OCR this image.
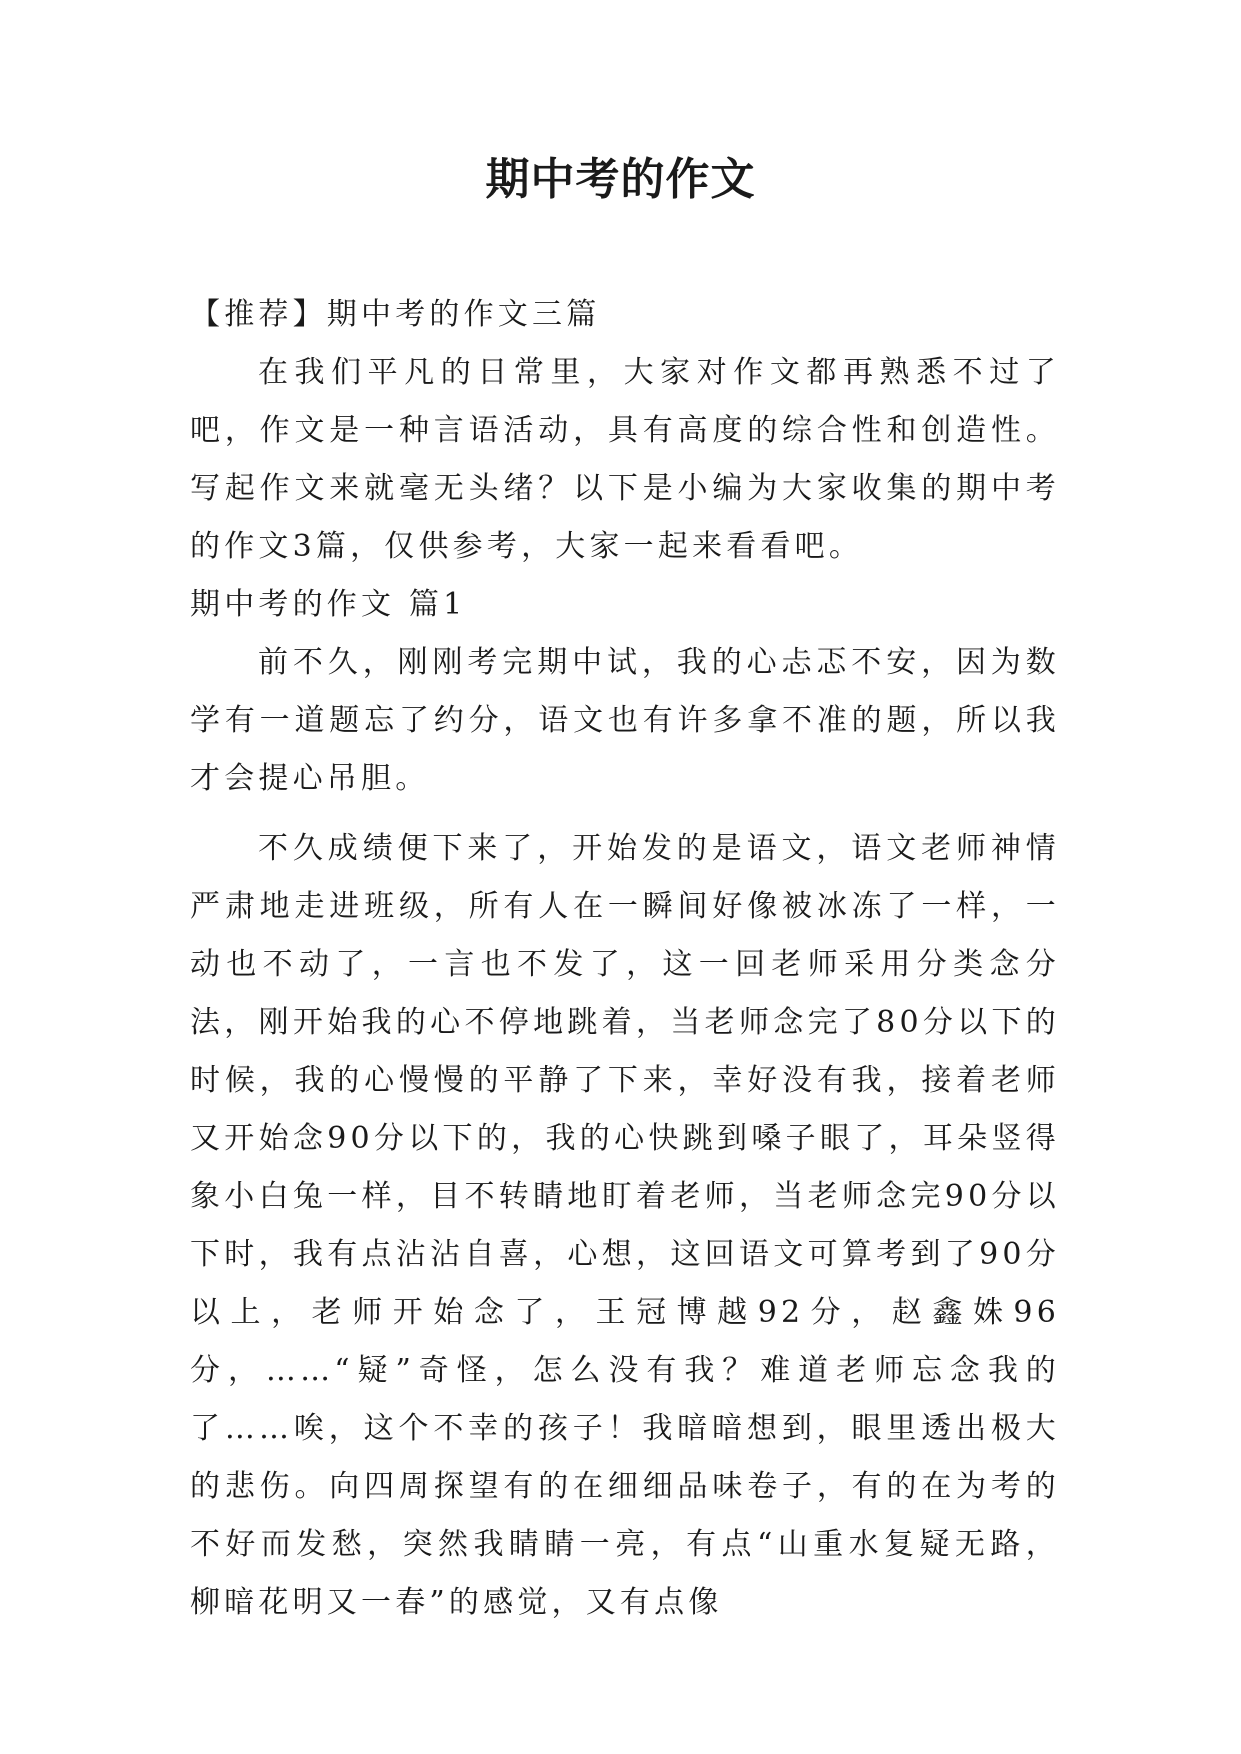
期中考的作文

【推荐】期中考的作文三篇

在我们平凡的日常里，大家对作文都再熟悉不过了吧，作文是一种言语活动，具有高度的综合性和创造性。写起作文来就毫无头绪？以下是小编为大家收集的期中考的作文3篇，仅供参考，大家一起来看看吧。

期中考的作文 篇1

前不久，刚刚考完期中试，我的心忐忑不安，因为数学有一道题忘了约分，语文也有许多拿不准的题，所以我才会提心吊胆。

不久成绩便下来了，开始发的是语文，语文老师神情严肃地走进班级，所有人在一瞬间好像被冰冻了一样，一动也不动了，一言也不发了，这一回老师采用分类念分法，刚开始我的心不停地跳着，当老师念完了80分以下的时候，我的心慢慢的平静了下来，幸好没有我，接着老师又开始念90分以下的，我的心快跳到嗓子眼了，耳朵竖得象小白兔一样，目不转睛地盯着老师，当老师念完90分以下时，我有点沾沾自喜，心想，这回语文可算考到了90分以上，老师开始念了，王冠博越92分，赵鑫姝96分，……“疑”奇怪，怎么没有我？难道老师忘念我的了……唉，这个不幸的孩子！我暗暗想到，眼里透出极大的悲伤。向四周探望有的在细细品味卷子，有的在为考的不好而发愁，突然我睛睛一亮，有点“山重水复疑无路，柳暗花明又一春”的感觉，又有点像
